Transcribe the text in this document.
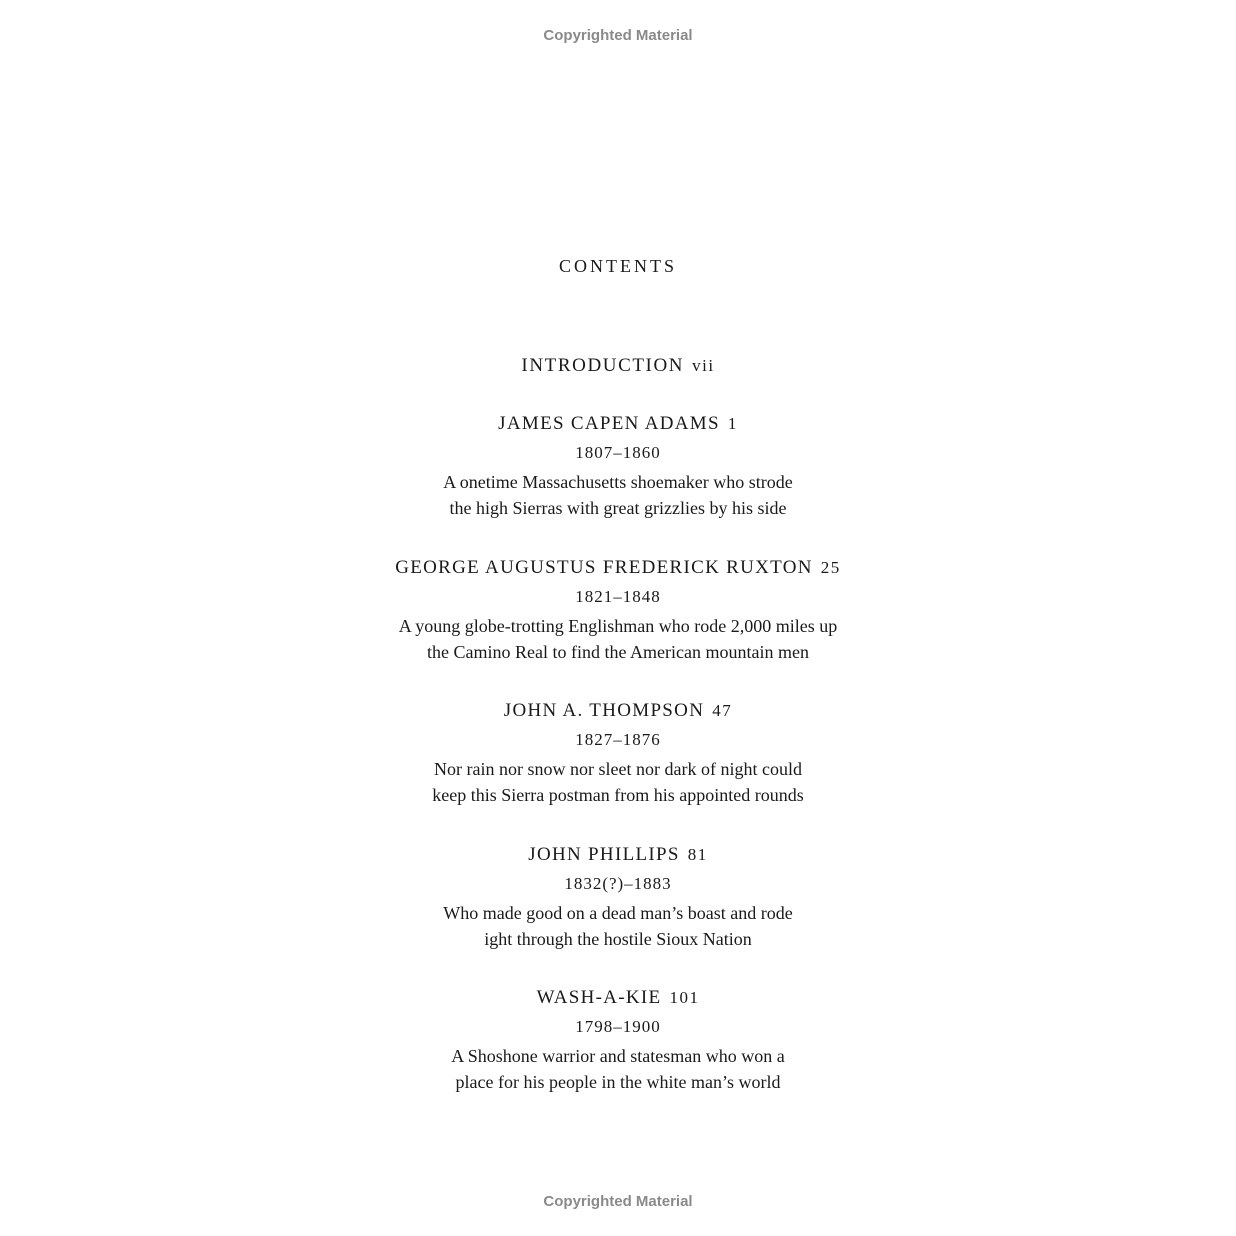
Copyrighted Material
CONTENTS
INTRODUCTION vii
JAMES CAPEN ADAMS 1
1807–1860
A onetime Massachusetts shoemaker who strode
the high Sierras with great grizzlies by his side
GEORGE AUGUSTUS FREDERICK RUXTON 25
1821–1848
A young globe-trotting Englishman who rode 2,000 miles up
the Camino Real to find the American mountain men
JOHN A. THOMPSON 47
1827–1876
Nor rain nor snow nor sleet nor dark of night could
keep this Sierra postman from his appointed rounds
JOHN PHILLIPS 81
1832(?)–1883
Who made good on a dead man’s boast and rode
ight through the hostile Sioux Nation
WASH-A-KIE 101
1798–1900
A Shoshone warrior and statesman who won a
place for his people in the white man’s world
Copyrighted Material
